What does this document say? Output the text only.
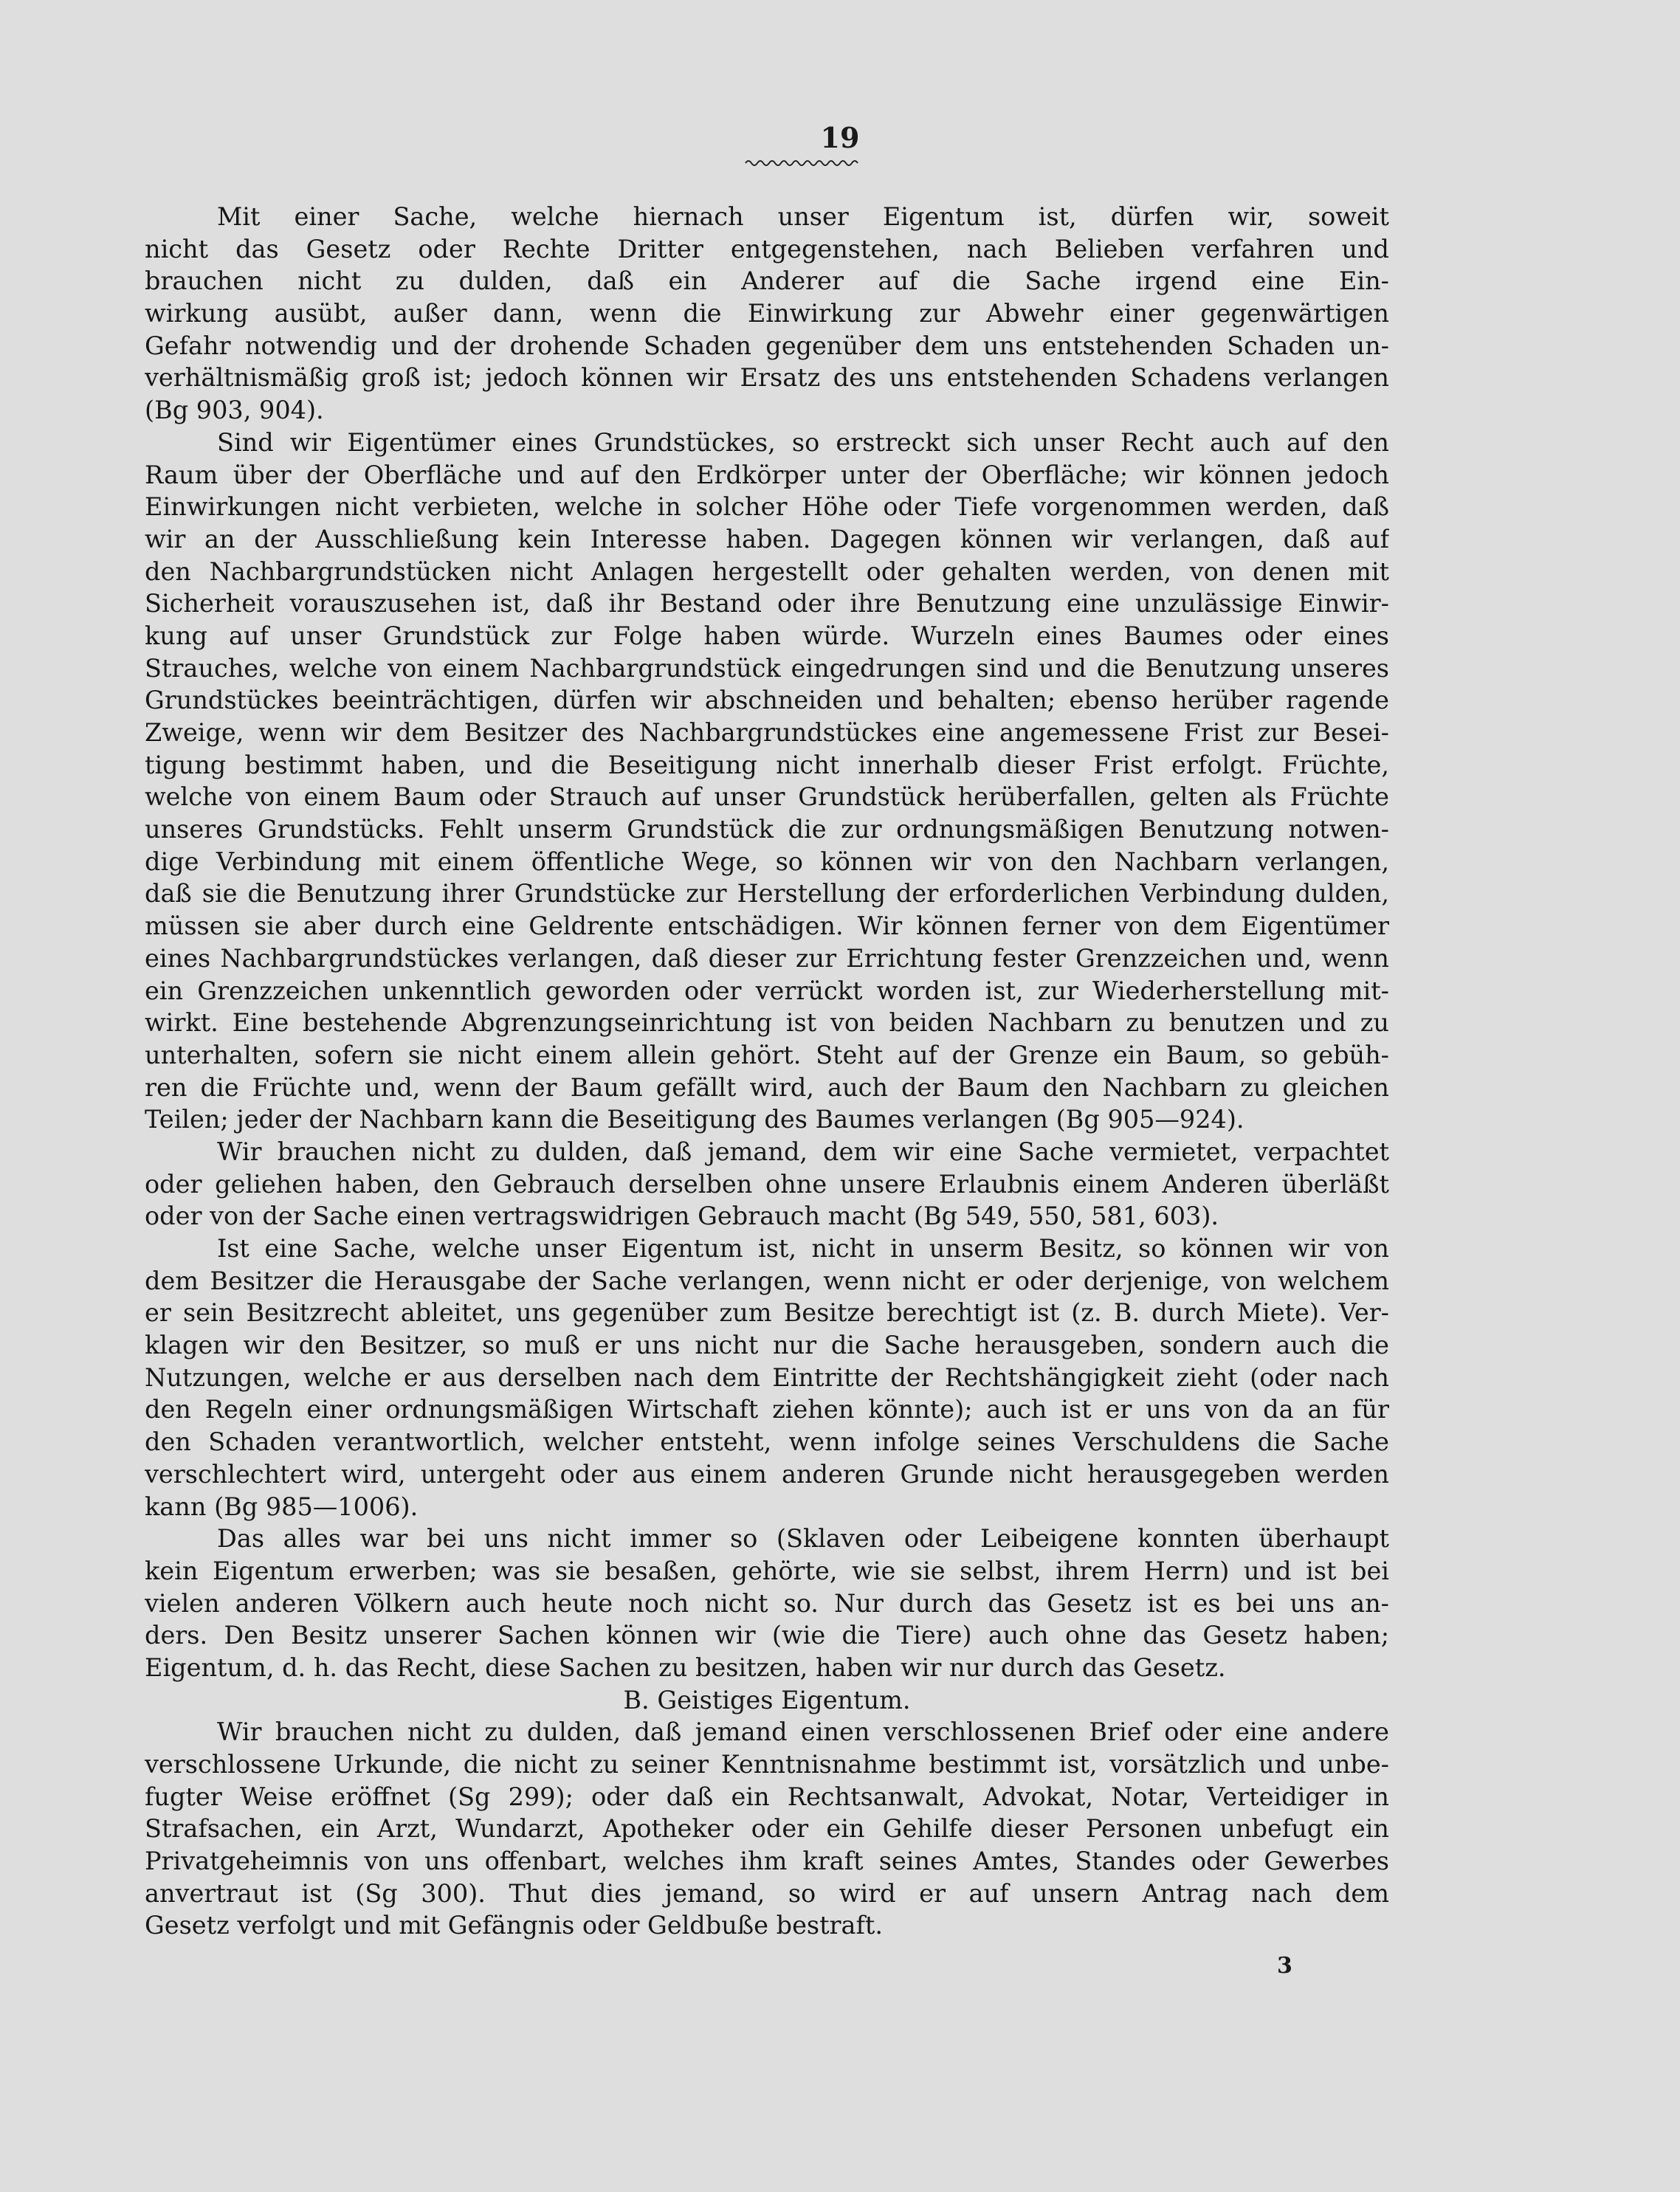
19
Mit einer Sache, welche hiernach unser Eigentum ist, dürfen wir, soweit
nicht das Gesetz oder Rechte Dritter entgegenstehen, nach Belieben verfahren und
brauchen nicht zu dulden, daß ein Anderer auf die Sache irgend eine Ein-
wirkung ausübt, außer dann, wenn die Einwirkung zur Abwehr einer gegenwärtigen
Gefahr notwendig und der drohende Schaden gegenüber dem uns entstehenden Schaden un-
verhältnismäßig groß ist; jedoch können wir Ersatz des uns entstehenden Schadens verlangen
(Bg 903, 904).
Sind wir Eigentümer eines Grundstückes, so erstreckt sich unser Recht auch auf den
Raum über der Oberfläche und auf den Erdkörper unter der Oberfläche; wir können jedoch
Einwirkungen nicht verbieten, welche in solcher Höhe oder Tiefe vorgenommen werden, daß
wir an der Ausschließung kein Interesse haben. Dagegen können wir verlangen, daß auf
den Nachbargrundstücken nicht Anlagen hergestellt oder gehalten werden, von denen mit
Sicherheit vorauszusehen ist, daß ihr Bestand oder ihre Benutzung eine unzulässige Einwir-
kung auf unser Grundstück zur Folge haben würde. Wurzeln eines Baumes oder eines
Strauches, welche von einem Nachbargrundstück eingedrungen sind und die Benutzung unseres
Grundstückes beeinträchtigen, dürfen wir abschneiden und behalten; ebenso herüber ragende
Zweige, wenn wir dem Besitzer des Nachbargrundstückes eine angemessene Frist zur Besei-
tigung bestimmt haben, und die Beseitigung nicht innerhalb dieser Frist erfolgt. Früchte,
welche von einem Baum oder Strauch auf unser Grundstück herüberfallen, gelten als Früchte
unseres Grundstücks. Fehlt unserm Grundstück die zur ordnungsmäßigen Benutzung notwen-
dige Verbindung mit einem öffentliche Wege, so können wir von den Nachbarn verlangen,
daß sie die Benutzung ihrer Grundstücke zur Herstellung der erforderlichen Verbindung dulden,
müssen sie aber durch eine Geldrente entschädigen. Wir können ferner von dem Eigentümer
eines Nachbargrundstückes verlangen, daß dieser zur Errichtung fester Grenzzeichen und, wenn
ein Grenzzeichen unkenntlich geworden oder verrückt worden ist, zur Wiederherstellung mit-
wirkt. Eine bestehende Abgrenzungseinrichtung ist von beiden Nachbarn zu benutzen und zu
unterhalten, sofern sie nicht einem allein gehört. Steht auf der Grenze ein Baum, so gebüh-
ren die Früchte und, wenn der Baum gefällt wird, auch der Baum den Nachbarn zu gleichen
Teilen; jeder der Nachbarn kann die Beseitigung des Baumes verlangen (Bg 905—924).
Wir brauchen nicht zu dulden, daß jemand, dem wir eine Sache vermietet, verpachtet
oder geliehen haben, den Gebrauch derselben ohne unsere Erlaubnis einem Anderen überläßt
oder von der Sache einen vertragswidrigen Gebrauch macht (Bg 549, 550, 581, 603).
Ist eine Sache, welche unser Eigentum ist, nicht in unserm Besitz, so können wir von
dem Besitzer die Herausgabe der Sache verlangen, wenn nicht er oder derjenige, von welchem
er sein Besitzrecht ableitet, uns gegenüber zum Besitze berechtigt ist (z. B. durch Miete). Ver-
klagen wir den Besitzer, so muß er uns nicht nur die Sache herausgeben, sondern auch die
Nutzungen, welche er aus derselben nach dem Eintritte der Rechtshängigkeit zieht (oder nach
den Regeln einer ordnungsmäßigen Wirtschaft ziehen könnte); auch ist er uns von da an für
den Schaden verantwortlich, welcher entsteht, wenn infolge seines Verschuldens die Sache
verschlechtert wird, untergeht oder aus einem anderen Grunde nicht herausgegeben werden
kann (Bg 985—1006).
Das alles war bei uns nicht immer so (Sklaven oder Leibeigene konnten überhaupt
kein Eigentum erwerben; was sie besaßen, gehörte, wie sie selbst, ihrem Herrn) und ist bei
vielen anderen Völkern auch heute noch nicht so. Nur durch das Gesetz ist es bei uns an-
ders. Den Besitz unserer Sachen können wir (wie die Tiere) auch ohne das Gesetz haben;
Eigentum, d. h. das Recht, diese Sachen zu besitzen, haben wir nur durch das Gesetz.
B. Geistiges Eigentum.
Wir brauchen nicht zu dulden, daß jemand einen verschlossenen Brief oder eine andere
verschlossene Urkunde, die nicht zu seiner Kenntnisnahme bestimmt ist, vorsätzlich und unbe-
fugter Weise eröffnet (Sg 299); oder daß ein Rechtsanwalt, Advokat, Notar, Verteidiger in
Strafsachen, ein Arzt, Wundarzt, Apotheker oder ein Gehilfe dieser Personen unbefugt ein
Privatgeheimnis von uns offenbart, welches ihm kraft seines Amtes, Standes oder Gewerbes
anvertraut ist (Sg 300). Thut dies jemand, so wird er auf unsern Antrag nach dem
Gesetz verfolgt und mit Gefängnis oder Geldbuße bestraft.
3
